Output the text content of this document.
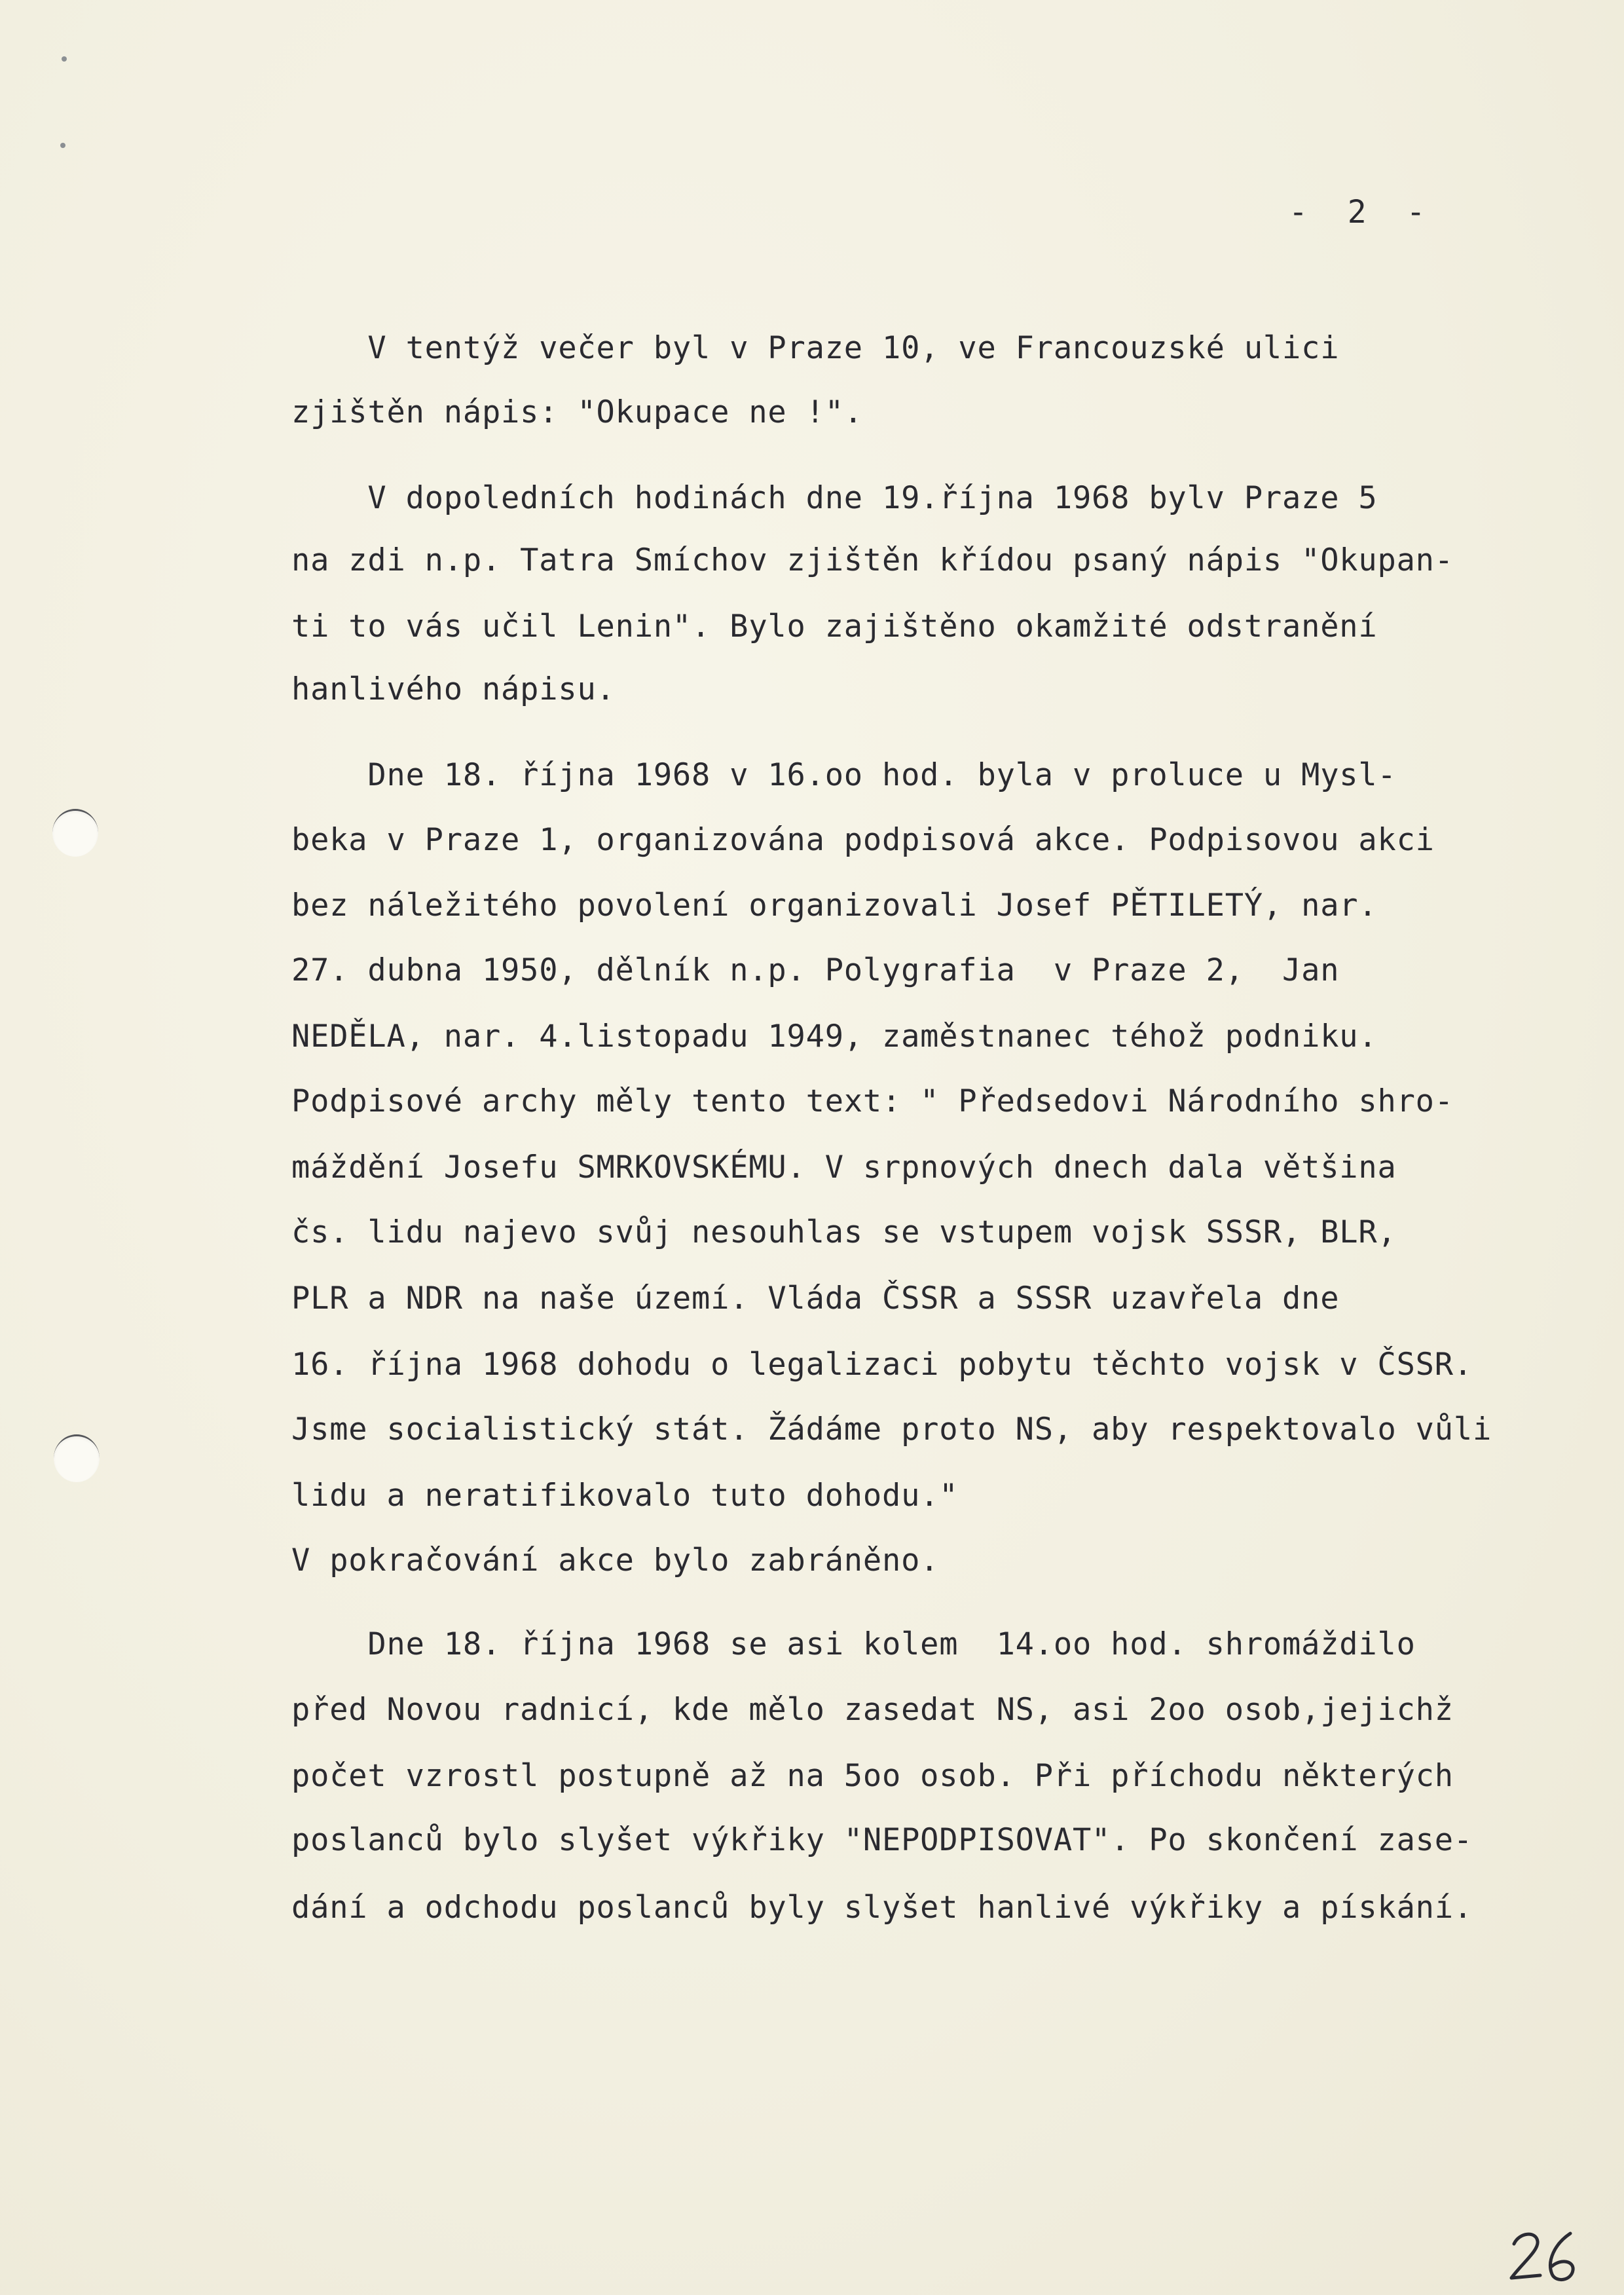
- 2 -
V tentýž večer byl v Praze 10, ve Francouzské ulici
zjištěn nápis: "Okupace ne !".
V dopoledních hodinách dne 19.října 1968 bylv Praze 5
na zdi n.p. Tatra Smíchov zjištěn křídou psaný nápis "Okupan-
ti to vás učil Lenin". Bylo zajištěno okamžité odstranění
hanlivého nápisu.
Dne 18. října 1968 v 16.oo hod. byla v proluce u Mysl-
beka v Praze 1, organizována podpisová akce. Podpisovou akci
bez náležitého povolení organizovali Josef PĚTILETÝ, nar.
27. dubna 1950, dělník n.p. Polygrafia  v Praze 2,  Jan
NEDĚLA, nar. 4.listopadu 1949, zaměstnanec téhož podniku.
Podpisové archy měly tento text: " Předsedovi Národního shro-
máždění Josefu SMRKOVSKÉMU. V srpnových dnech dala většina
čs. lidu najevo svůj nesouhlas se vstupem vojsk SSSR, BLR,
PLR a NDR na naše území. Vláda ČSSR a SSSR uzavřela dne
16. října 1968 dohodu o legalizaci pobytu těchto vojsk v ČSSR.
Jsme socialistický stát. Žádáme proto NS, aby respektovalo vůli
lidu a neratifikovalo tuto dohodu."
V pokračování akce bylo zabráněno.
Dne 18. října 1968 se asi kolem  14.oo hod. shromáždilo
před Novou radnicí, kde mělo zasedat NS, asi 2oo osob,jejichž
počet vzrostl postupně až na 5oo osob. Při příchodu některých
poslanců bylo slyšet výkřiky "NEPODPISOVAT". Po skončení zase-
dání a odchodu poslanců byly slyšet hanlivé výkřiky a pískání.
